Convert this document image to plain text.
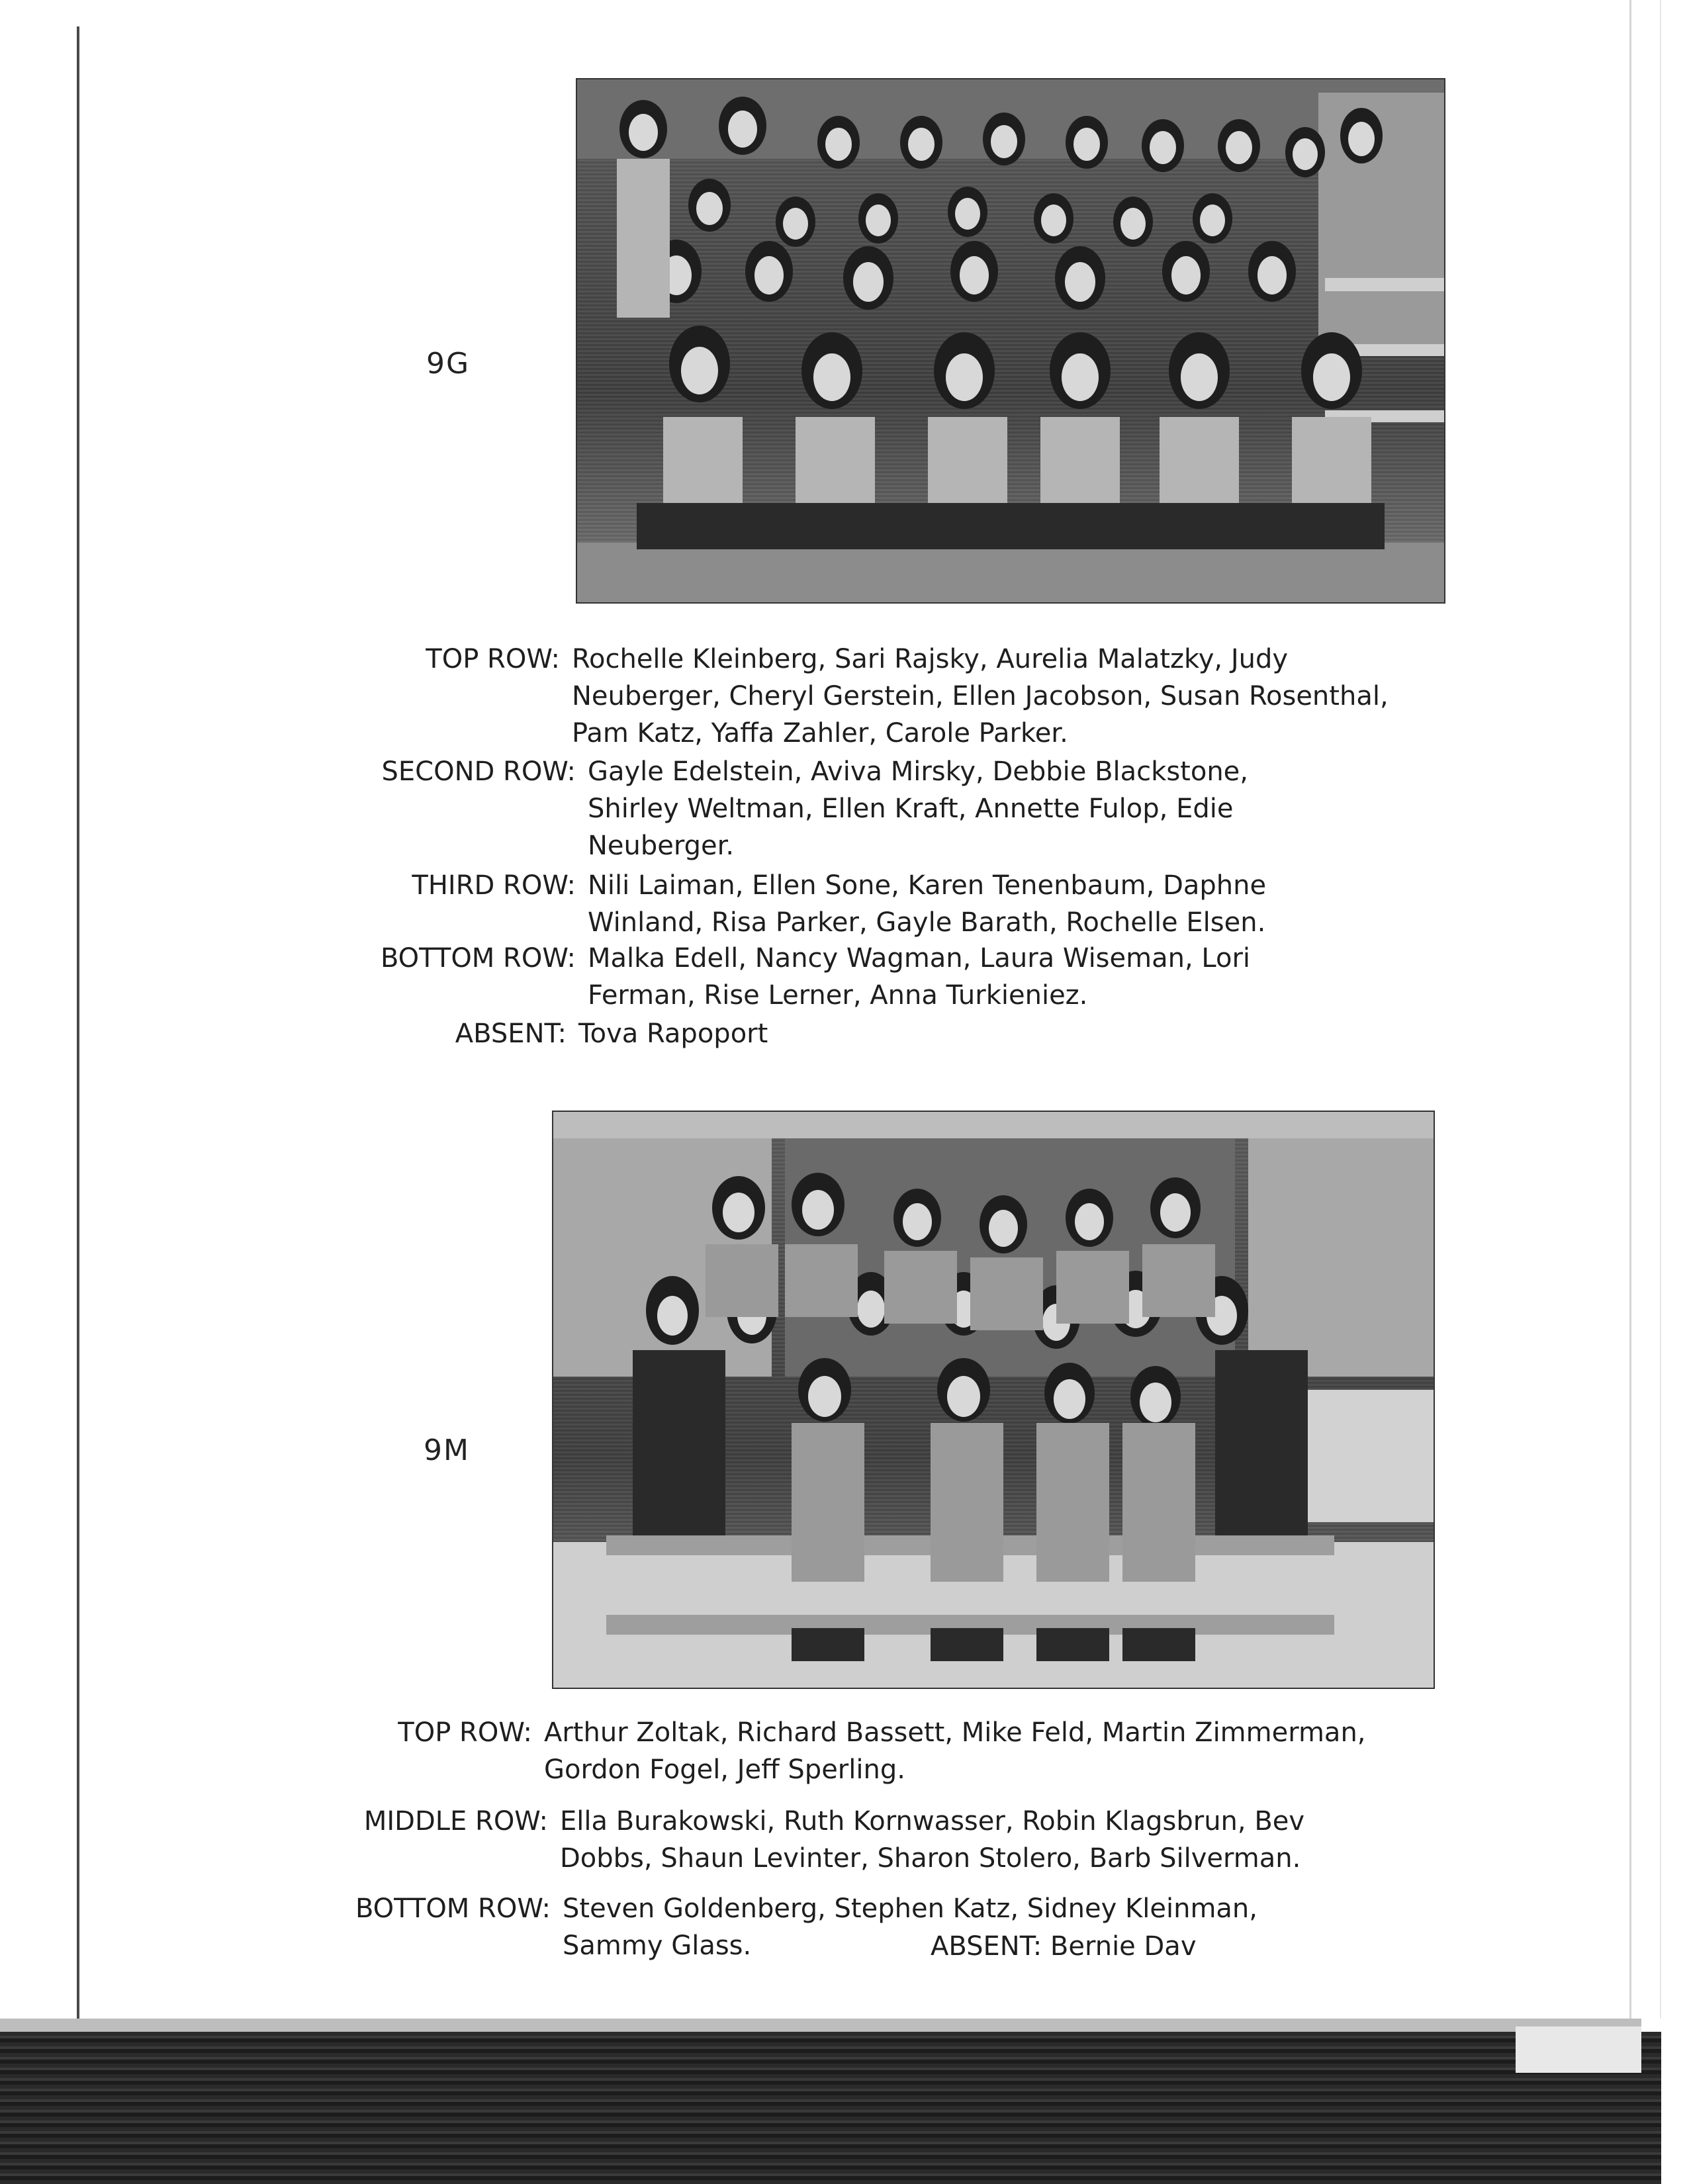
9G
TOP ROW: Rochelle Kleinberg, Sari Rajsky, Aurelia Malatzky, Judy
Neuberger, Cheryl Gerstein, Ellen Jacobson, Susan Rosenthal,
Pam Katz, Yaffa Zahler, Carole Parker.
SECOND ROW: Gayle Edelstein, Aviva Mirsky, Debbie Blackstone,
Shirley Weltman, Ellen Kraft, Annette Fulop, Edie
Neuberger.
THIRD ROW: Nili Laiman, Ellen Sone, Karen Tenenbaum, Daphne
Winland, Risa Parker, Gayle Barath, Rochelle Elsen.
BOTTOM ROW: Malka Edell, Nancy Wagman, Laura Wiseman, Lori
Ferman, Rise Lerner, Anna Turkieniez.
ABSENT: Tova Rapoport
9M
TOP ROW: Arthur Zoltak, Richard Bassett, Mike Feld, Martin Zimmerman,
Gordon Fogel, Jeff Sperling.
MIDDLE ROW: Ella Burakowski, Ruth Kornwasser, Robin Klagsbrun, Bev
Dobbs, Shaun Levinter, Sharon Stolero, Barb Silverman.
BOTTOM ROW: Steven Goldenberg, Stephen Katz, Sidney Kleinman,
Sammy Glass.	ABSENT: Bernie Dav
